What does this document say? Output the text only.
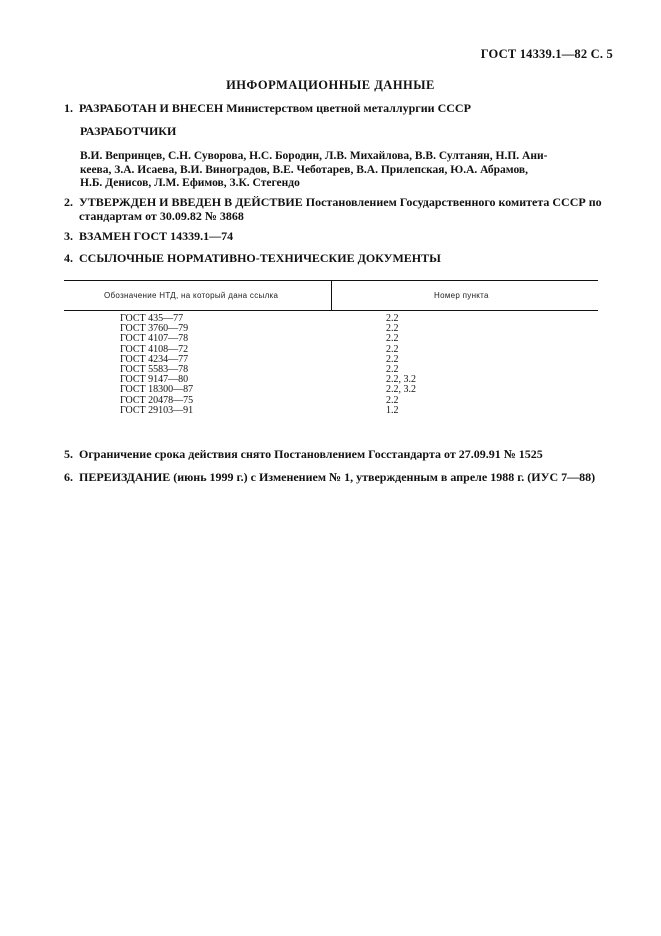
ГОСТ 14339.1—82 С. 5
ИНФОРМАЦИОННЫЕ ДАННЫЕ
1. РАЗРАБОТАН И ВНЕСЕН Министерством цветной металлургии СССР
РАЗРАБОТЧИКИ
В.И. Вепринцев, С.Н. Суворова, Н.С. Бородин, Л.В. Михайлова, В.В. Султанян, Н.П. Ани-
кеева, З.А. Исаева, В.И. Виноградов, В.Е. Чеботарев, В.А. Прилепская, Ю.А. Абрамов,
Н.Б. Денисов, Л.М. Ефимов, З.К. Стегендо
2. УТВЕРЖДЕН И ВВЕДЕН В ДЕЙСТВИЕ Постановлением Государственного комитета СССР по
стандартам от 30.09.82 № 3868
3. ВЗАМЕН ГОСТ 14339.1—74
4. ССЫЛОЧНЫЕ НОРМАТИВНО-ТЕХНИЧЕСКИЕ ДОКУМЕНТЫ
Обозначение НТД, на который дана ссылка	Номер пункта
ГОСТ 435—77	2.2
ГОСТ 3760—79	2.2
ГОСТ 4107—78	2.2
ГОСТ 4108—72	2.2
ГОСТ 4234—77	2.2
ГОСТ 5583—78	2.2
ГОСТ 9147—80	2.2, 3.2
ГОСТ 18300—87	2.2, 3.2
ГОСТ 20478—75	2.2
ГОСТ 29103—91	1.2
5. Ограничение срока действия снято Постановлением Госстандарта от 27.09.91 № 1525
6. ПЕРЕИЗДАНИЕ (июнь 1999 г.) с Изменением № 1, утвержденным в апреле 1988 г. (ИУС 7—88)
